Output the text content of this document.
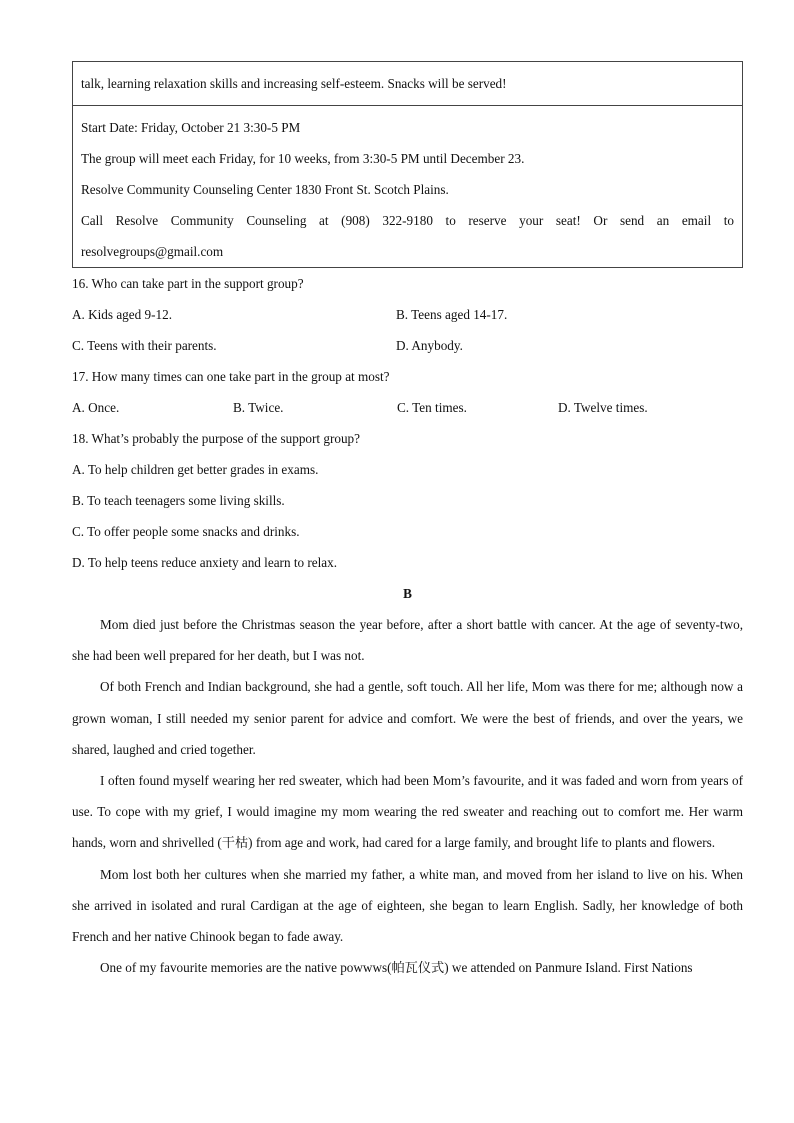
talk, learning relaxation skills and increasing self-esteem. Snacks will be served!
Start Date: Friday, October 21 3:30-5 PM
The group will meet each Friday, for 10 weeks, from 3:30-5 PM until December 23.
Resolve Community Counseling Center 1830 Front St. Scotch Plains.
Call Resolve Community Counseling at (908) 322-9180 to reserve your seat! Or send an email to
resolvegroups@gmail.com
16. Who can take part in the support group?
A. Kids aged 9-12.	B. Teens aged 14-17.
C. Teens with their parents.	D. Anybody.
17. How many times can one take part in the group at most?
A. Once.	B. Twice.	C. Ten times.	D. Twelve times.
18. What’s probably the purpose of the support group?
A. To help children get better grades in exams.
B. To teach teenagers some living skills.
C. To offer people some snacks and drinks.
D. To help teens reduce anxiety and learn to relax.
B
Mom died just before the Christmas season the year before, after a short battle with cancer. At the age of seventy-two, she had been well prepared for her death, but I was not.
Of both French and Indian background, she had a gentle, soft touch. All her life, Mom was there for me; although now a grown woman, I still needed my senior parent for advice and comfort. We were the best of friends, and over the years, we shared, laughed and cried together.
I often found myself wearing her red sweater, which had been Mom’s favourite, and it was faded and worn from years of use. To cope with my grief, I would imagine my mom wearing the red sweater and reaching out to comfort me. Her warm hands, worn and shrivelled (干枯) from age and work, had cared for a large family, and brought life to plants and flowers.
Mom lost both her cultures when she married my father, a white man, and moved from her island to live on his. When she arrived in isolated and rural Cardigan at the age of eighteen, she began to learn English. Sadly, her knowledge of both French and her native Chinook began to fade away.
One of my favourite memories are the native powwws(帕瓦仪式) we attended on Panmure Island. First Nations
